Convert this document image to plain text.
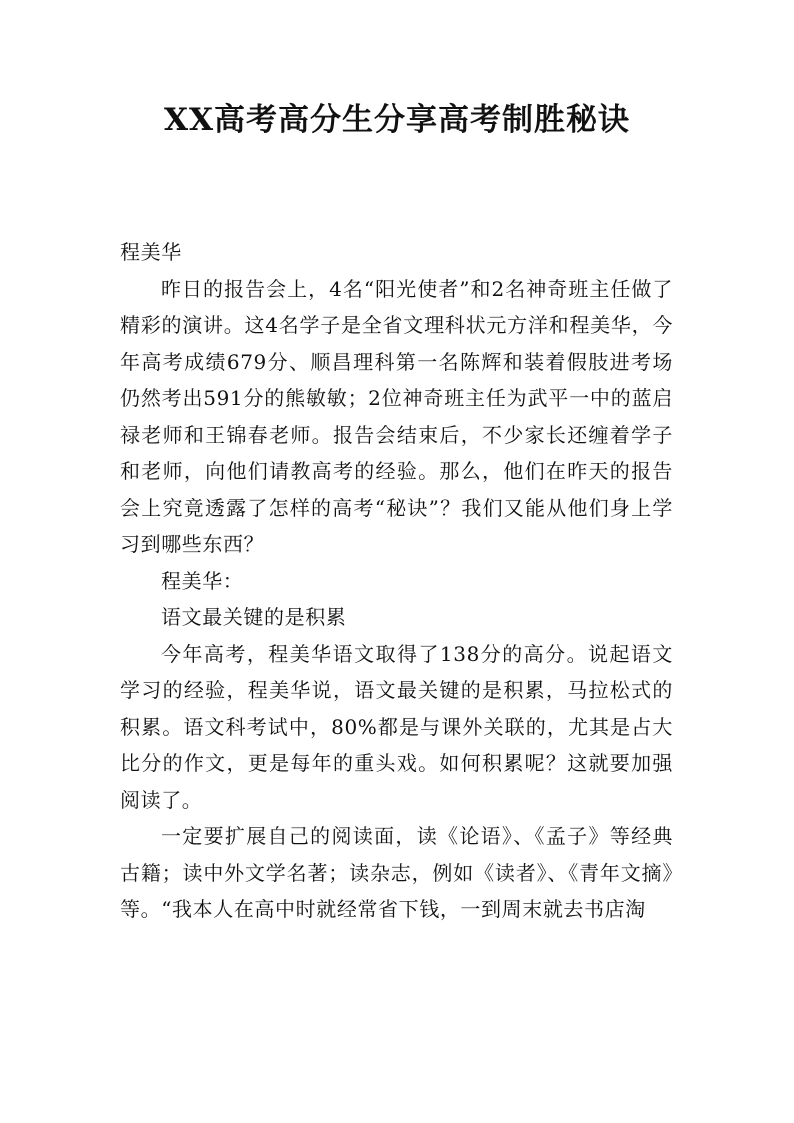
XX高考高分生分享高考制胜秘诀

程美华

昨日的报告会上，4名“阳光使者”和2名神奇班主任做了精彩的演讲。这4名学子是全省文理科状元方洋和程美华，今年高考成绩679分、顺昌理科第一名陈辉和装着假肢进考场仍然考出591分的熊敏敏；2位神奇班主任为武平一中的蓝启禄老师和王锦春老师。报告会结束后，不少家长还缠着学子和老师，向他们请教高考的经验。那么，他们在昨天的报告会上究竟透露了怎样的高考“秘诀”？我们又能从他们身上学习到哪些东西？

程美华：

语文最关键的是积累

今年高考，程美华语文取得了138分的高分。说起语文学习的经验，程美华说，语文最关键的是积累，马拉松式的积累。语文科考试中，80%都是与课外关联的，尤其是占大比分的作文，更是每年的重头戏。如何积累呢？这就要加强阅读了。

一定要扩展自己的阅读面，读《论语》、《孟子》等经典古籍；读中外文学名著；读杂志，例如《读者》、《青年文摘》等。“我本人在高中时就经常省下钱，一到周末就去书店淘
